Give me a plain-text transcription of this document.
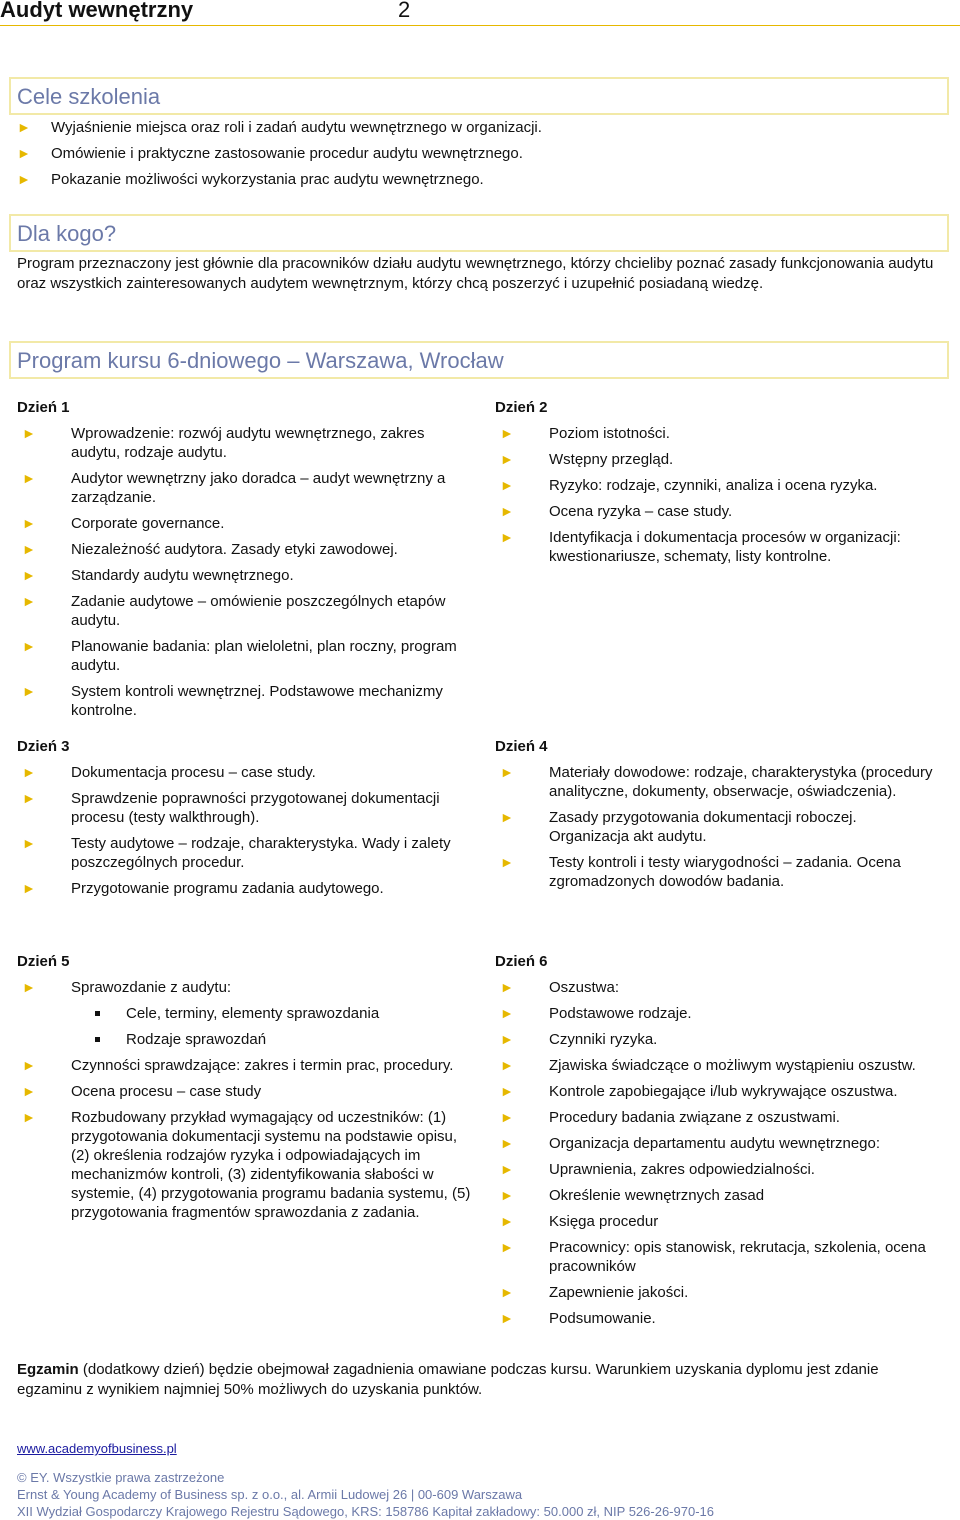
Audyt wewnętrzny	2
Cele szkolenia
► Wyjaśnienie miejsca oraz roli i zadań audytu wewnętrznego w organizacji.
► Omówienie i praktyczne zastosowanie procedur audytu wewnętrznego.
► Pokazanie możliwości wykorzystania prac audytu wewnętrznego.
Dla kogo?
Program przeznaczony jest głównie dla pracowników działu audytu wewnętrznego, którzy chcieliby poznać zasady funkcjonowania audytu oraz wszystkich zainteresowanych audytem wewnętrznym, którzy chcą poszerzyć i uzupełnić posiadaną wiedzę.
Program kursu 6-dniowego – Warszawa, Wrocław
Dzień 1
► Wprowadzenie: rozwój audytu wewnętrznego, zakres audytu, rodzaje audytu.
► Audytor wewnętrzny jako doradca – audyt wewnętrzny a zarządzanie.
► Corporate governance.
► Niezależność audytora. Zasady etyki zawodowej.
► Standardy audytu wewnętrznego.
► Zadanie audytowe – omówienie poszczególnych etapów audytu.
► Planowanie badania: plan wieloletni, plan roczny, program audytu.
► System kontroli wewnętrznej. Podstawowe mechanizmy kontrolne.
Dzień 2
► Poziom istotności.
► Wstępny przegląd.
► Ryzyko: rodzaje, czynniki, analiza i ocena ryzyka.
► Ocena ryzyka – case study.
► Identyfikacja i dokumentacja procesów w organizacji: kwestionariusze, schematy, listy kontrolne.
Dzień 3
► Dokumentacja procesu – case study.
► Sprawdzenie poprawności przygotowanej dokumentacji procesu (testy walkthrough).
► Testy audytowe – rodzaje, charakterystyka. Wady i zalety poszczególnych procedur.
► Przygotowanie programu zadania audytowego.
Dzień 4
► Materiały dowodowe: rodzaje, charakterystyka (procedury analityczne, dokumenty, obserwacje, oświadczenia).
► Zasady przygotowania dokumentacji roboczej. Organizacja akt audytu.
► Testy kontroli i testy wiarygodności – zadania. Ocena zgromadzonych dowodów badania.
Dzień 5
► Sprawozdanie z audytu:
Cele, terminy, elementy sprawozdania
Rodzaje sprawozdań
► Czynności sprawdzające: zakres i termin prac, procedury.
► Ocena procesu – case study
► Rozbudowany przykład wymagający od uczestników: (1) przygotowania dokumentacji systemu na podstawie opisu, (2) określenia rodzajów ryzyka i odpowiadających im mechanizmów kontroli, (3) zidentyfikowania słabości w systemie, (4) przygotowania programu badania systemu, (5) przygotowania fragmentów sprawozdania z zadania.
Dzień 6
► Oszustwa:
► Podstawowe rodzaje.
► Czynniki ryzyka.
► Zjawiska świadczące o możliwym wystąpieniu oszustw.
► Kontrole zapobiegające i/lub wykrywające oszustwa.
► Procedury badania związane z oszustwami.
► Organizacja departamentu audytu wewnętrznego:
► Uprawnienia, zakres odpowiedzialności.
► Określenie wewnętrznych zasad
► Księga procedur
► Pracownicy: opis stanowisk, rekrutacja, szkolenia, ocena pracowników
► Zapewnienie jakości.
► Podsumowanie.
Egzamin (dodatkowy dzień) będzie obejmował zagadnienia omawiane podczas kursu. Warunkiem uzyskania dyplomu jest zdanie egzaminu z wynikiem najmniej 50% możliwych do uzyskania punktów.
www.academyofbusiness.pl
© EY. Wszystkie prawa zastrzeżone
Ernst & Young Academy of Business sp. z o.o., al. Armii Ludowej 26 | 00-609 Warszawa
XII Wydział Gospodarczy Krajowego Rejestru Sądowego, KRS: 158786 Kapitał zakładowy: 50.000 zł, NIP 526-26-970-16
